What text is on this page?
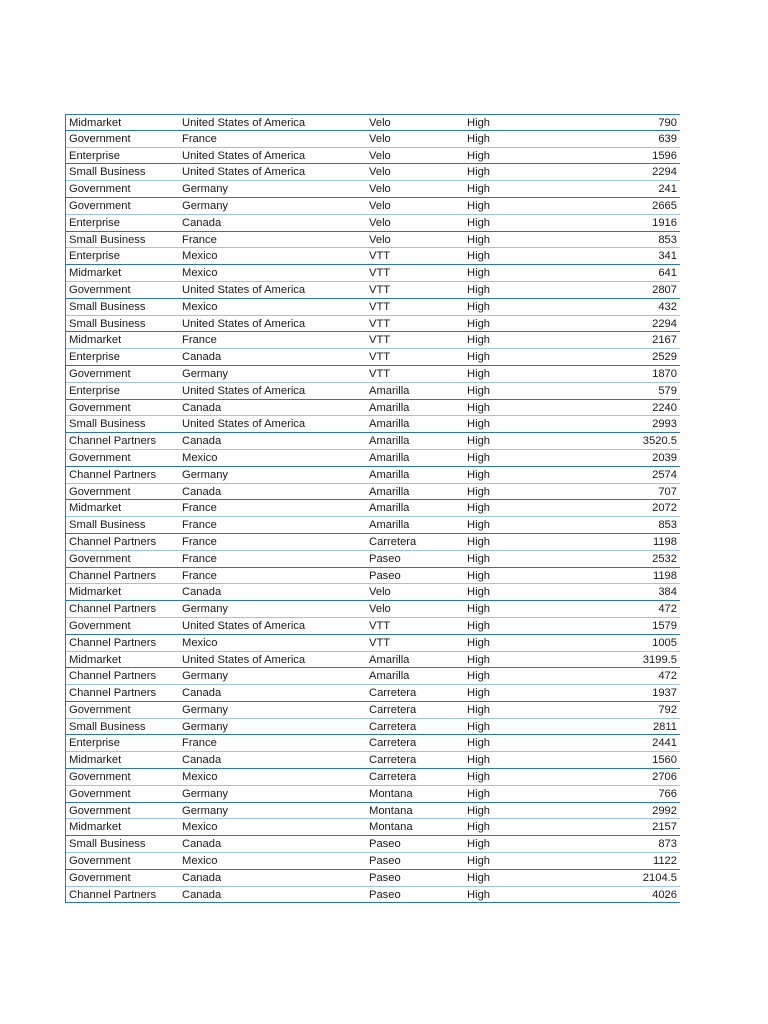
Midmarket	United States of America	Velo	High	790
Government	France	Velo	High	639
Enterprise	United States of America	Velo	High	1596
Small Business	United States of America	Velo	High	2294
Government	Germany	Velo	High	241
Government	Germany	Velo	High	2665
Enterprise	Canada	Velo	High	1916
Small Business	France	Velo	High	853
Enterprise	Mexico	VTT	High	341
Midmarket	Mexico	VTT	High	641
Government	United States of America	VTT	High	2807
Small Business	Mexico	VTT	High	432
Small Business	United States of America	VTT	High	2294
Midmarket	France	VTT	High	2167
Enterprise	Canada	VTT	High	2529
Government	Germany	VTT	High	1870
Enterprise	United States of America	Amarilla	High	579
Government	Canada	Amarilla	High	2240
Small Business	United States of America	Amarilla	High	2993
Channel Partners	Canada	Amarilla	High	3520.5
Government	Mexico	Amarilla	High	2039
Channel Partners	Germany	Amarilla	High	2574
Government	Canada	Amarilla	High	707
Midmarket	France	Amarilla	High	2072
Small Business	France	Amarilla	High	853
Channel Partners	France	Carretera	High	1198
Government	France	Paseo	High	2532
Channel Partners	France	Paseo	High	1198
Midmarket	Canada	Velo	High	384
Channel Partners	Germany	Velo	High	472
Government	United States of America	VTT	High	1579
Channel Partners	Mexico	VTT	High	1005
Midmarket	United States of America	Amarilla	High	3199.5
Channel Partners	Germany	Amarilla	High	472
Channel Partners	Canada	Carretera	High	1937
Government	Germany	Carretera	High	792
Small Business	Germany	Carretera	High	2811
Enterprise	France	Carretera	High	2441
Midmarket	Canada	Carretera	High	1560
Government	Mexico	Carretera	High	2706
Government	Germany	Montana	High	766
Government	Germany	Montana	High	2992
Midmarket	Mexico	Montana	High	2157
Small Business	Canada	Paseo	High	873
Government	Mexico	Paseo	High	1122
Government	Canada	Paseo	High	2104.5
Channel Partners	Canada	Paseo	High	4026
